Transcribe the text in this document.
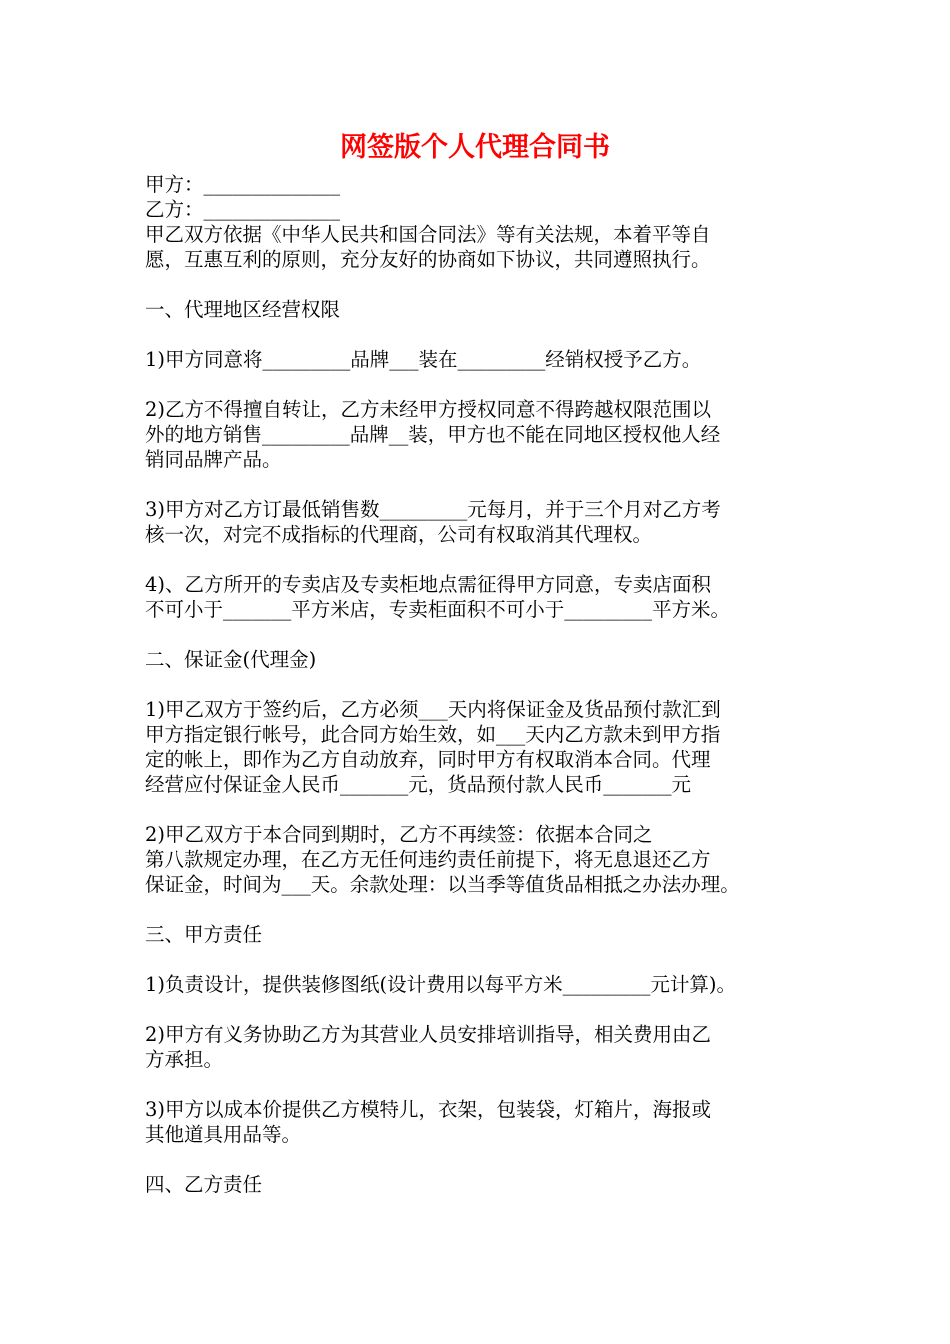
网签版个人代理合同书
甲方：______________
乙方：______________
甲乙双方依据《中华人民共和国合同法》等有关法规，本着平等自
愿，互惠互利的原则，充分友好的协商如下协议，共同遵照执行。
一、代理地区经营权限
1)甲方同意将_________品牌___装在_________经销权授予乙方。
2)乙方不得擅自转让，乙方未经甲方授权同意不得跨越权限范围以
外的地方销售_________品牌__装，甲方也不能在同地区授权他人经
销同品牌产品。
3)甲方对乙方订最低销售数_________元每月，并于三个月对乙方考
核一次，对完不成指标的代理商，公司有权取消其代理权。
4)、乙方所开的专卖店及专卖柜地点需征得甲方同意，专卖店面积
不可小于_______平方米店，专卖柜面积不可小于_________平方米。
二、保证金(代理金)
1)甲乙双方于签约后，乙方必须___天内将保证金及货品预付款汇到
甲方指定银行帐号，此合同方始生效，如___天内乙方款未到甲方指
定的帐上，即作为乙方自动放弃，同时甲方有权取消本合同。代理
经营应付保证金人民币_______元，货品预付款人民币_______元
2)甲乙双方于本合同到期时，乙方不再续签：依据本合同之
第八款规定办理，在乙方无任何违约责任前提下，将无息退还乙方
保证金，时间为___天。余款处理：以当季等值货品相抵之办法办理。
三、甲方责任
1)负责设计，提供装修图纸(设计费用以每平方米_________元计算)。
2)甲方有义务协助乙方为其营业人员安排培训指导，相关费用由乙
方承担。
3)甲方以成本价提供乙方模特儿，衣架，包装袋，灯箱片，海报或
其他道具用品等。
四、乙方责任
